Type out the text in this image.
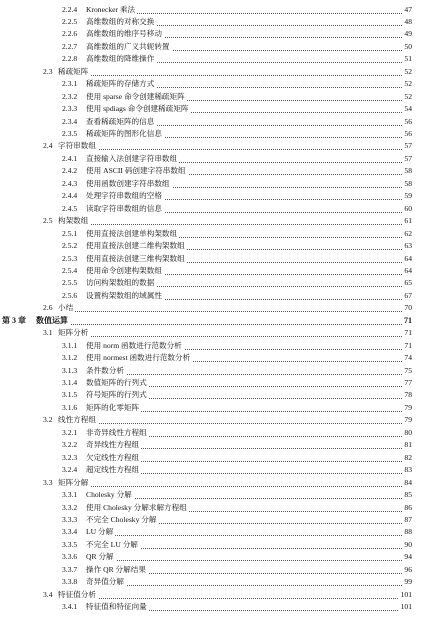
2.2.4 Kronecker 乘法	47
2.2.5 高维数组的对称交换	48
2.2.6 高维数组的维序号移动	49
2.2.7 高维数组的广义共轭转置	50
2.2.8 高维数组的降维操作	51
2.3 稀疏矩阵	52
2.3.1 稀疏矩阵的存储方式	52
2.3.2 使用 sparse 命令创建稀疏矩阵	52
2.3.3 使用 spdiags 命令创建稀疏矩阵	54
2.3.4 查看稀疏矩阵的信息	56
2.3.5 稀疏矩阵的图形化信息	56
2.4 字符串数组	57
2.4.1 直接输入法创建字符串数组	57
2.4.2 使用 ASCII 码创建字符串数组	58
2.4.3 使用函数创建字符串数组	58
2.4.4 处理字符串数组的空格	59
2.4.5 读取字符串数组的信息	60
2.5 构架数组	61
2.5.1 使用直接法创建单构架数组	62
2.5.2 使用直接法创建二维构架数组	63
2.5.3 使用直接法创建三维构架数组	64
2.5.4 使用命令创建构架数组	64
2.5.5 访问构架数组的数据	65
2.5.6 设置构架数组的域属性	67
2.6 小结	70
第 3 章 数值运算	71
3.1 矩阵分析	71
3.1.1 使用 norm 函数进行范数分析	71
3.1.2 使用 normest 函数进行范数分析	74
3.1.3 条件数分析	75
3.1.4 数值矩阵的行列式	77
3.1.5 符号矩阵的行列式	78
3.1.6 矩阵的化零矩阵	79
3.2 线性方程组	79
3.2.1 非奇异线性方程组	80
3.2.2 奇异线性方程组	81
3.2.3 欠定线性方程组	82
3.2.4 超定线性方程组	83
3.3 矩阵分解	84
3.3.1 Cholesky 分解	85
3.3.2 使用 Cholesky 分解求解方程组	86
3.3.3 不完全 Cholesky 分解	87
3.3.4 LU 分解	88
3.3.5 不完全 LU 分解	90
3.3.6 QR 分解	94
3.3.7 操作 QR 分解结果	96
3.3.8 奇异值分解	99
3.4 特征值分析	101
3.4.1 特征值和特征向量	101
